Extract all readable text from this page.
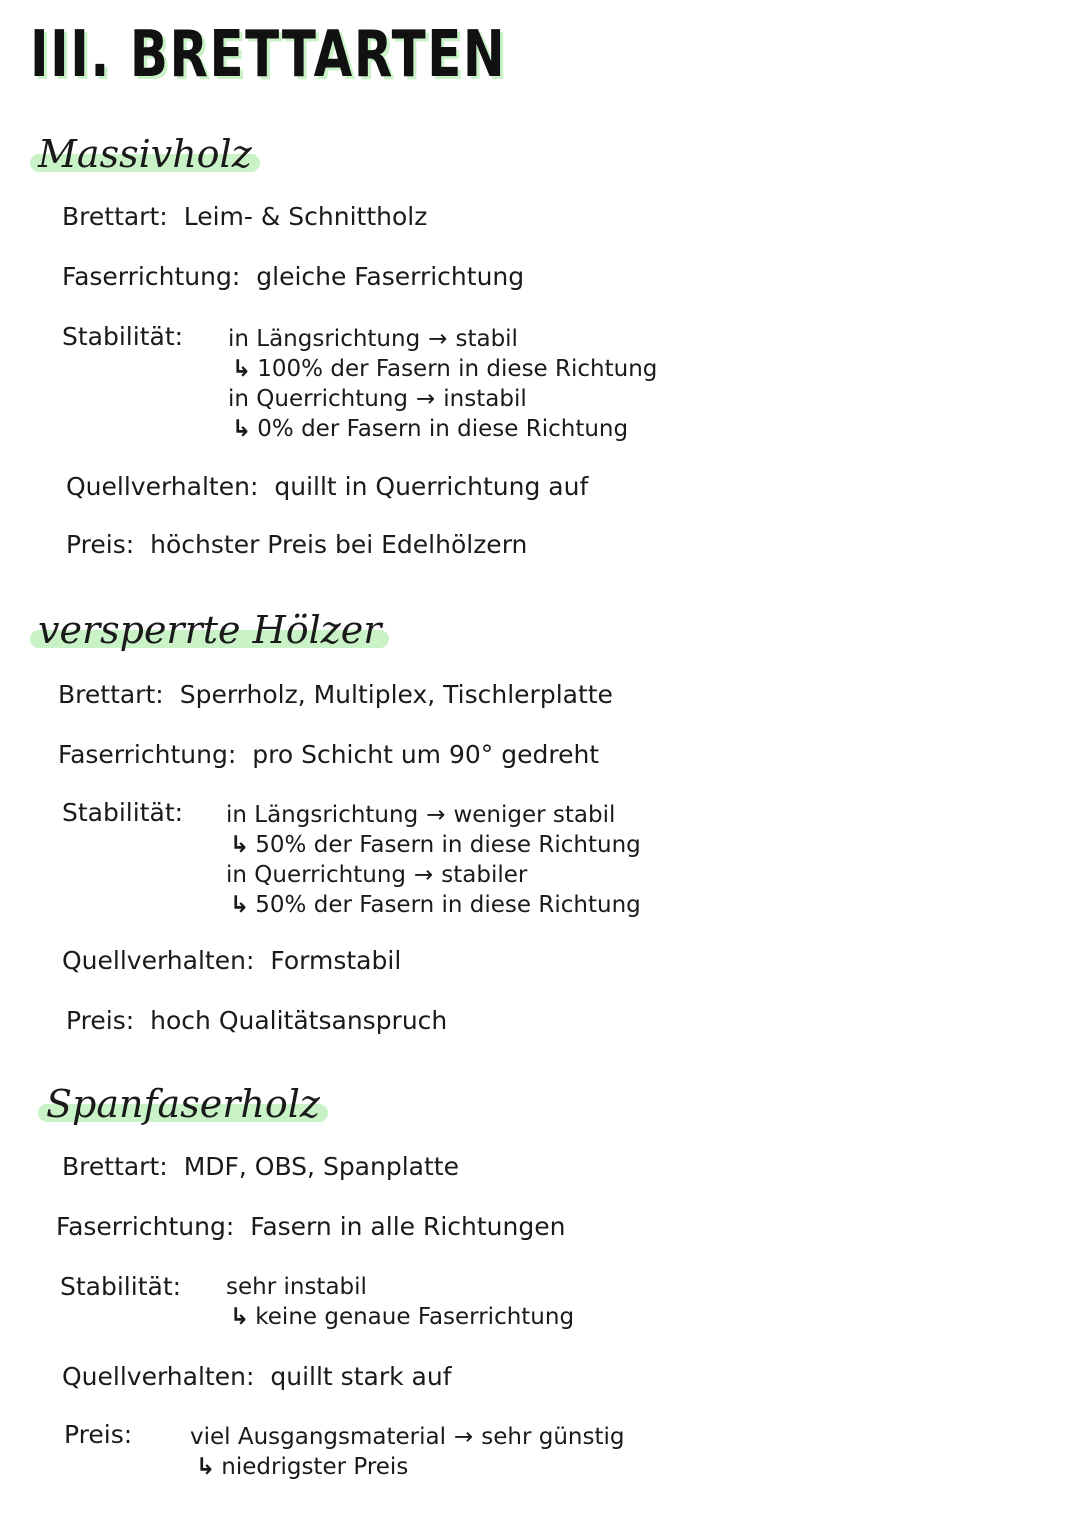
III. BRETTARTEN
Massivholz
Brettart: Leim- & Schnittholz
Faserrichtung: gleiche Faserrichtung
Stabilität: in Längsrichtung → stabil
↳ 100% der Fasern in diese Richtung
in Querrichtung → instabil
↳ 0% der Fasern in diese Richtung
Quellverhalten: quillt in Querrichtung auf
Preis: höchster Preis bei Edelhölzern
versperrte Hölzer
Brettart: Sperrholz, Multiplex, Tischlerplatte
Faserrichtung: pro Schicht um 90° gedreht
Stabilität: in Längsrichtung → weniger stabil
↳ 50% der Fasern in diese Richtung
in Querrichtung → stabiler
↳ 50% der Fasern in diese Richtung
Quellverhalten: Formstabil
Preis: hoch Qualitätsanspruch
Spanfaserholz
Brettart: MDF, OBS, Spanplatte
Faserrichtung: Fasern in alle Richtungen
Stabilität: sehr instabil
↳ keine genaue Faserrichtung
Quellverhalten: quillt stark auf
Preis:	viel Ausgangsmaterial → sehr günstig
↳ niedrigster Preis
